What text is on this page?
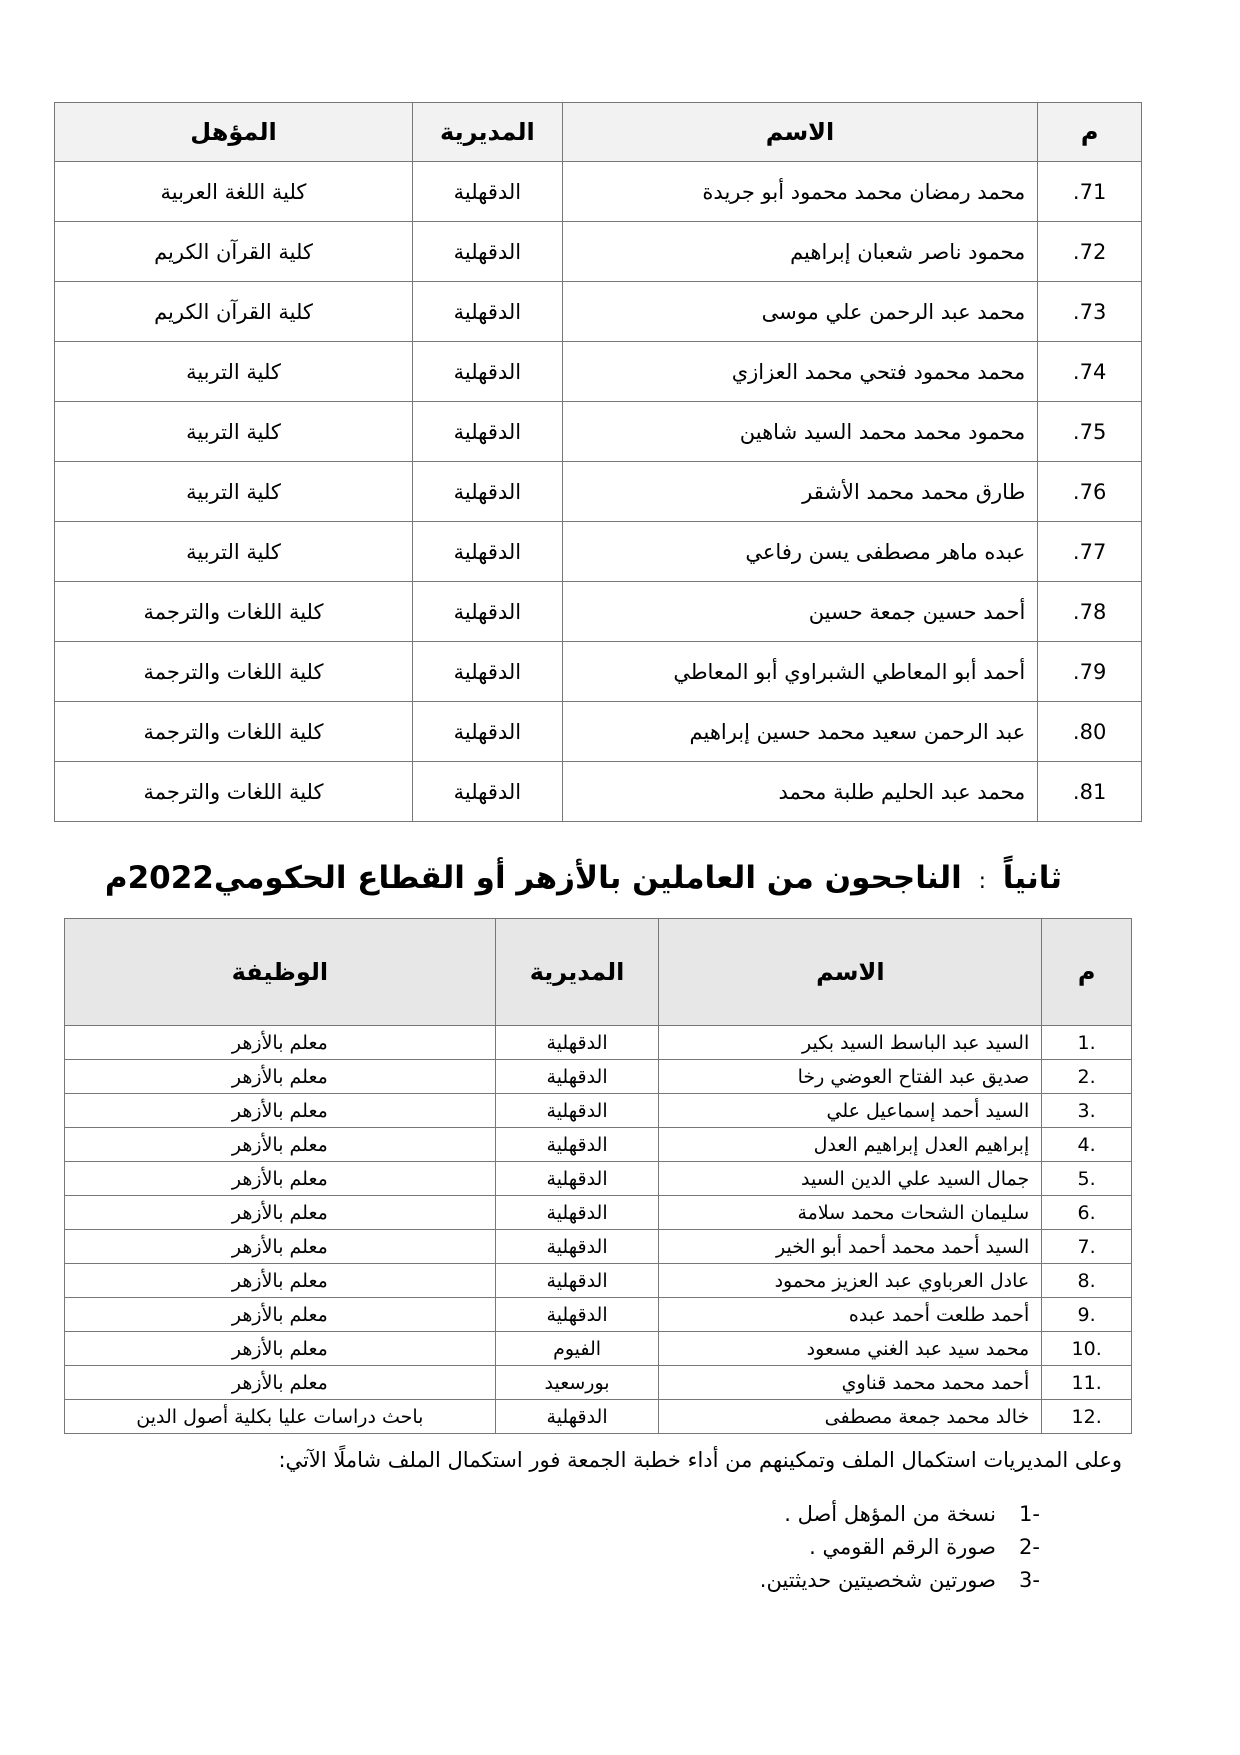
م	الاسم	المديرية	المؤهل
71.	محمد رمضان محمد محمود أبو جريدة	الدقهلية	كلية اللغة العربية
72.	محمود ناصر شعبان إبراهيم	الدقهلية	كلية القرآن الكريم
73.	محمد عبد الرحمن علي موسى	الدقهلية	كلية القرآن الكريم
74.	محمد محمود فتحي محمد العزازي	الدقهلية	كلية التربية
75.	محمود محمد محمد السيد شاهين	الدقهلية	كلية التربية
76.	طارق محمد محمد الأشقر	الدقهلية	كلية التربية
77.	عبده ماهر مصطفى يسن رفاعي	الدقهلية	كلية التربية
78.	أحمد حسين جمعة حسين	الدقهلية	كلية اللغات والترجمة
79.	أحمد أبو المعاطي الشبراوي أبو المعاطي	الدقهلية	كلية اللغات والترجمة
80.	عبد الرحمن سعيد محمد حسين إبراهيم	الدقهلية	كلية اللغات والترجمة
81.	محمد عبد الحليم طلبة محمد	الدقهلية	كلية اللغات والترجمة
ثانياً : الناجحون من العاملين بالأزهر أو القطاع الحكومي2022م
م	الاسم	المديرية	الوظيفة
.1	السيد عبد الباسط السيد بكير	الدقهلية	معلم بالأزهر
.2	صديق عبد الفتاح العوضي رخا	الدقهلية	معلم بالأزهر
.3	السيد أحمد إسماعيل علي	الدقهلية	معلم بالأزهر
.4	إبراهيم العدل إبراهيم العدل	الدقهلية	معلم بالأزهر
.5	جمال السيد علي الدين السيد	الدقهلية	معلم بالأزهر
.6	سليمان الشحات محمد سلامة	الدقهلية	معلم بالأزهر
.7	السيد أحمد محمد أحمد أبو الخير	الدقهلية	معلم بالأزهر
.8	عادل العرباوي عبد العزيز محمود	الدقهلية	معلم بالأزهر
.9	أحمد طلعت أحمد عبده	الدقهلية	معلم بالأزهر
.10	محمد سيد عبد الغني مسعود	الفيوم	معلم بالأزهر
.11	أحمد محمد محمد قناوي	بورسعيد	معلم بالأزهر
.12	خالد محمد جمعة مصطفى	الدقهلية	باحث دراسات عليا بكلية أصول الدين
وعلى المديريات استكمال الملف وتمكينهم من أداء خطبة الجمعة فور استكمال الملف شاملًا الآتي:
-1نسخة من المؤهل أصل .
-2صورة الرقم القومي .
-3صورتين شخصيتين حديثتين.
